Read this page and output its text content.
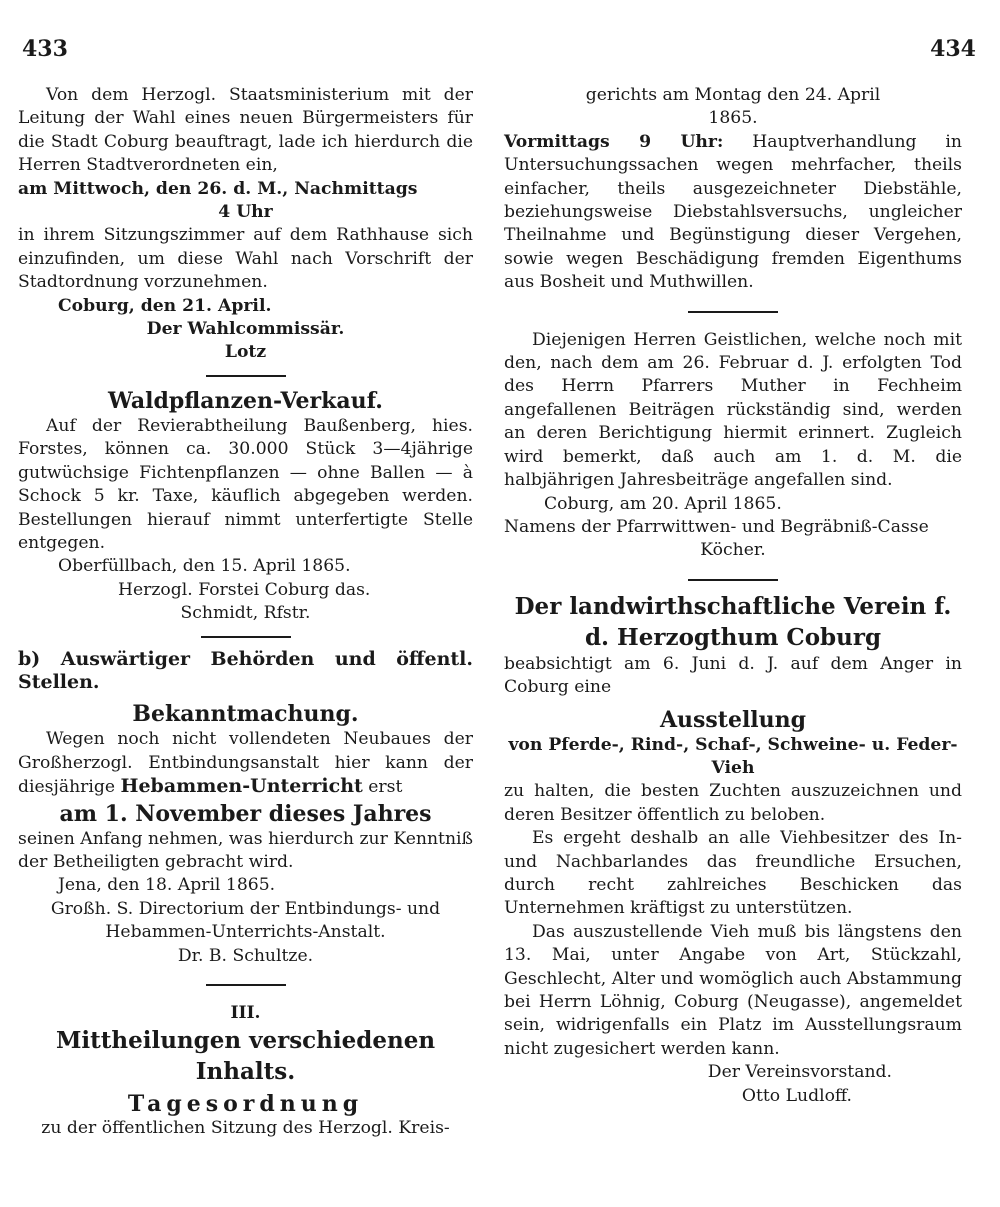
433	434

Von dem Herzogl. Staatsministerium mit der Leitung der Wahl eines neuen Bürgermeisters für die Stadt Coburg beauftragt, lade ich hierdurch die Herren Stadtverordneten ein,

am Mittwoch, den 26. d. M., Nachmittags

4 Uhr

in ihrem Sitzungszimmer auf dem Rathhause sich einzufinden, um diese Wahl nach Vorschrift der Stadtordnung vorzunehmen.

Coburg, den 21. April.

Der Wahlcommissär.

Lotz

Waldpflanzen-Verkauf.

Auf der Revierabtheilung Baußenberg, hies. Forstes, können ca. 30.000 Stück 3—4jährige gutwüchsige Fichtenpflanzen — ohne Ballen — à Schock 5 kr. Taxe, käuflich abgegeben werden. Bestellungen hierauf nimmt unterfertigte Stelle entgegen.

Oberfüllbach, den 15. April 1865.

Herzogl. Forstei Coburg das.

Schmidt, Rfstr.

b) Auswärtiger Behörden und öffentl. Stellen.

Bekanntmachung.

Wegen noch nicht vollendeten Neubaues der Großherzogl. Entbindungsanstalt hier kann der diesjährige Hebammen-Unterricht erst

am 1. November dieses Jahres

seinen Anfang nehmen, was hierdurch zur Kenntniß der Betheiligten gebracht wird.

Jena, den 18. April 1865.

Großh. S. Directorium der Entbindungs- und Hebammen-Unterrichts-Anstalt.

Dr. B. Schultze.

III.

Mittheilungen verschiedenen Inhalts.

Tagesordnung

zu der öffentlichen Sitzung des Herzogl. Kreis-

gerichts am Montag den 24. April

1865.

Vormittags 9 Uhr: Hauptverhandlung in Untersuchungssachen wegen mehrfacher, theils einfacher, theils ausgezeichneter Diebstähle, beziehungsweise Diebstahlsversuchs, ungleicher Theilnahme und Begünstigung dieser Vergehen, sowie wegen Beschädigung fremden Eigenthums aus Bosheit und Muthwillen.

Diejenigen Herren Geistlichen, welche noch mit den, nach dem am 26. Februar d. J. erfolgten Tod des Herrn Pfarrers Muther in Fechheim angefallenen Beiträgen rückständig sind, werden an deren Berichtigung hiermit erinnert. Zugleich wird bemerkt, daß auch am 1. d. M. die halbjährigen Jahresbeiträge angefallen sind.

Coburg, am 20. April 1865.

Namens der Pfarrwittwen- und Begräbniß-Casse

Köcher.

Der landwirthschaftliche Verein f. d. Herzogthum Coburg

beabsichtigt am 6. Juni d. J. auf dem Anger in Coburg eine

Ausstellung

von Pferde-, Rind-, Schaf-, Schweine- u. Feder-Vieh

zu halten, die besten Zuchten auszuzeichnen und deren Besitzer öffentlich zu beloben.

Es ergeht deshalb an alle Viehbesitzer des In- und Nachbarlandes das freundliche Ersuchen, durch recht zahlreiches Beschicken das Unternehmen kräftigst zu unterstützen.

Das auszustellende Vieh muß bis längstens den 13. Mai, unter Angabe von Art, Stückzahl, Geschlecht, Alter und womöglich auch Abstammung bei Herrn Löhnig, Coburg (Neugasse), angemeldet sein, widrigenfalls ein Platz im Ausstellungsraum nicht zugesichert werden kann.

Der Vereinsvorstand.

Otto Ludloff.
